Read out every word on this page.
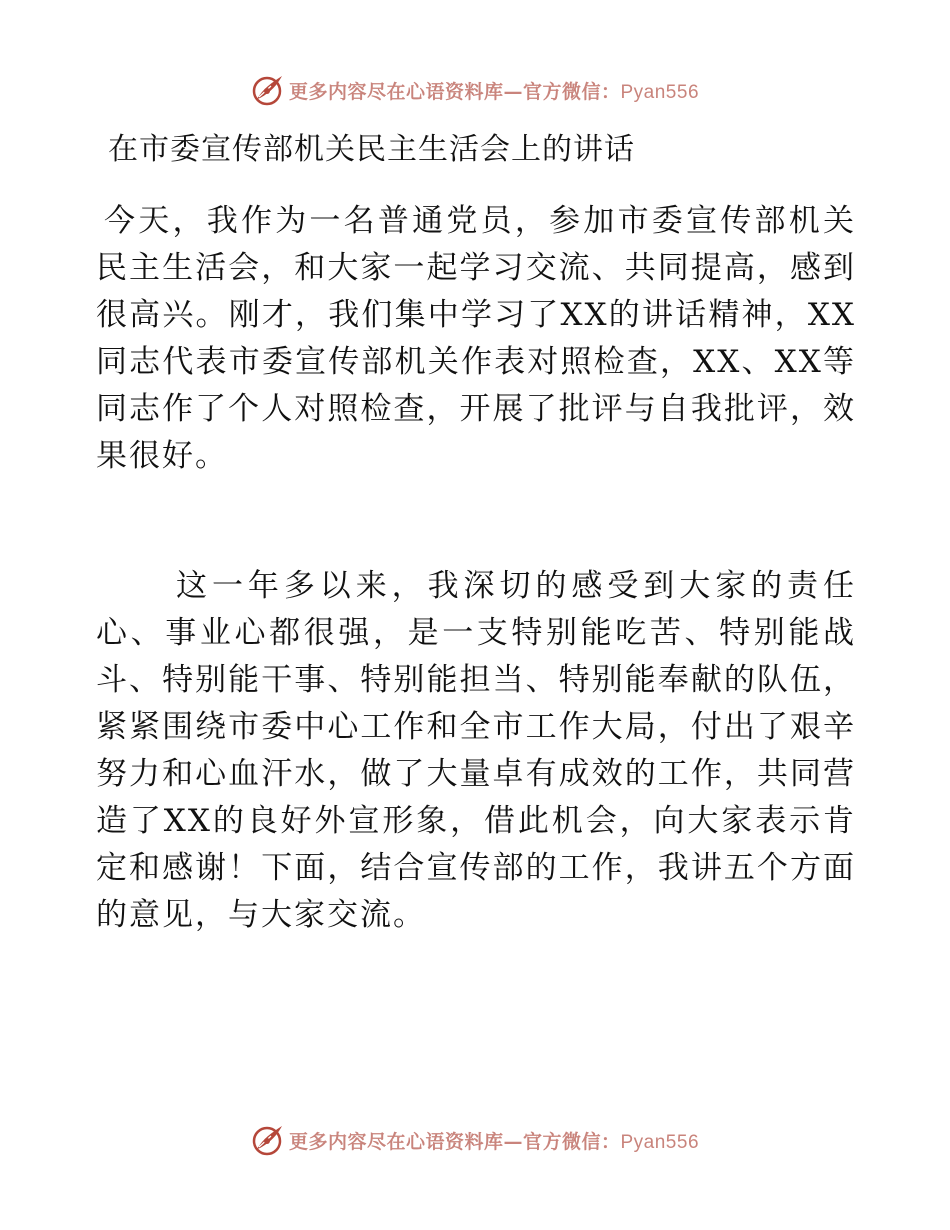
更多内容尽在心语资料库—官方微信：Pyan556
在市委宣传部机关民主生活会上的讲话

今天，我作为一名普通党员，参加市委宣传部机关民主生活会，和大家一起学习交流、共同提高，感到很高兴。刚才，我们集中学习了XX的讲话精神，XX同志代表市委宣传部机关作表对照检查，XX、XX等同志作了个人对照检查，开展了批评与自我批评，效果很好。

这一年多以来，我深切的感受到大家的责任心、事业心都很强，是一支特别能吃苦、特别能战斗、特别能干事、特别能担当、特别能奉献的队伍，紧紧围绕市委中心工作和全市工作大局，付出了艰辛努力和心血汗水，做了大量卓有成效的工作，共同营造了XX的良好外宣形象，借此机会，向大家表示肯定和感谢！下面，结合宣传部的工作，我讲五个方面的意见，与大家交流。

更多内容尽在心语资料库—官方微信：Pyan556
